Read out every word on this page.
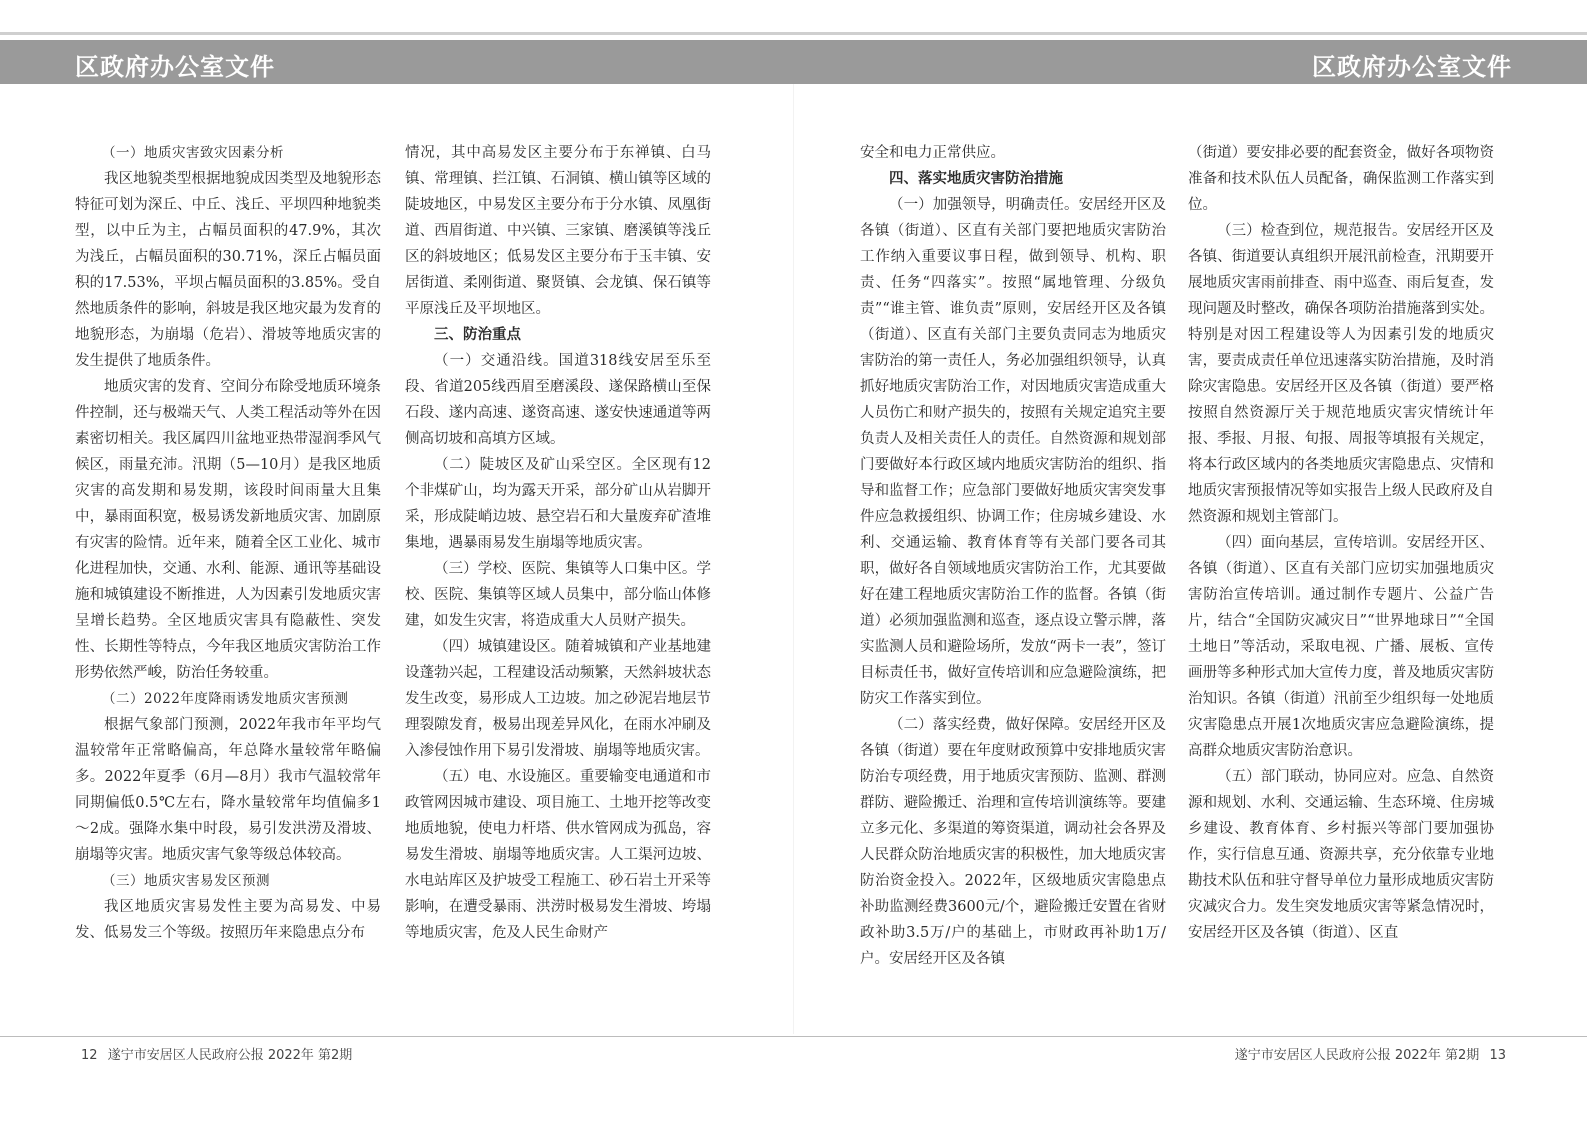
区政府办公室文件	区政府办公室文件

（一）地质灾害致灾因素分析

我区地貌类型根据地貌成因类型及地貌形态特征可划为深丘、中丘、浅丘、平坝四种地貌类型，以中丘为主，占幅员面积的47.9%，其次为浅丘，占幅员面积的30.71%，深丘占幅员面积的17.53%，平坝占幅员面积的3.85%。受自然地质条件的影响，斜坡是我区地灾最为发育的地貌形态，为崩塌（危岩）、滑坡等地质灾害的发生提供了地质条件。

地质灾害的发育、空间分布除受地质环境条件控制，还与极端天气、人类工程活动等外在因素密切相关。我区属四川盆地亚热带湿润季风气候区，雨量充沛。汛期（5—10月）是我区地质灾害的高发期和易发期，该段时间雨量大且集中，暴雨面积宽，极易诱发新地质灾害、加剧原有灾害的险情。近年来，随着全区工业化、城市化进程加快，交通、水利、能源、通讯等基础设施和城镇建设不断推进，人为因素引发地质灾害呈增长趋势。全区地质灾害具有隐蔽性、突发性、长期性等特点，今年我区地质灾害防治工作形势依然严峻，防治任务较重。

（二）2022年度降雨诱发地质灾害预测

根据气象部门预测，2022年我市年平均气温较常年正常略偏高，年总降水量较常年略偏多。2022年夏季（6月—8月）我市气温较常年同期偏低0.5℃左右，降水量较常年均值偏多1～2成。强降水集中时段，易引发洪涝及滑坡、崩塌等灾害。地质灾害气象等级总体较高。

（三）地质灾害易发区预测

我区地质灾害易发性主要为高易发、中易发、低易发三个等级。按照历年来隐患点分布

情况，其中高易发区主要分布于东禅镇、白马镇、常理镇、拦江镇、石洞镇、横山镇等区域的陡坡地区，中易发区主要分布于分水镇、凤凰街道、西眉街道、中兴镇、三家镇、磨溪镇等浅丘区的斜坡地区；低易发区主要分布于玉丰镇、安居街道、柔刚街道、聚贤镇、会龙镇、保石镇等平原浅丘及平坝地区。

三、防治重点

（一）交通沿线。国道318线安居至乐至段、省道205线西眉至磨溪段、遂保路横山至保石段、遂内高速、遂资高速、遂安快速通道等两侧高切坡和高填方区域。

（二）陡坡区及矿山采空区。全区现有12个非煤矿山，均为露天开采，部分矿山从岩脚开采，形成陡峭边坡、悬空岩石和大量废弃矿渣堆集地，遇暴雨易发生崩塌等地质灾害。

（三）学校、医院、集镇等人口集中区。学校、医院、集镇等区域人员集中，部分临山体修建，如发生灾害，将造成重大人员财产损失。

（四）城镇建设区。随着城镇和产业基地建设蓬勃兴起，工程建设活动频繁，天然斜坡状态发生改变，易形成人工边坡。加之砂泥岩地层节理裂隙发育，极易出现差异风化，在雨水冲刷及入渗侵蚀作用下易引发滑坡、崩塌等地质灾害。

（五）电、水设施区。重要输变电通道和市政管网因城市建设、项目施工、土地开挖等改变地质地貌，使电力杆塔、供水管网成为孤岛，容易发生滑坡、崩塌等地质灾害。人工渠河边坡、水电站库区及护坡受工程施工、砂石岩土开采等影响，在遭受暴雨、洪涝时极易发生滑坡、垮塌等地质灾害，危及人民生命财产

安全和电力正常供应。

四、落实地质灾害防治措施

（一）加强领导，明确责任。安居经开区及各镇（街道）、区直有关部门要把地质灾害防治工作纳入重要议事日程，做到领导、机构、职责、任务“四落实”。按照“属地管理、分级负责”“谁主管、谁负责”原则，安居经开区及各镇（街道）、区直有关部门主要负责同志为地质灾害防治的第一责任人，务必加强组织领导，认真抓好地质灾害防治工作，对因地质灾害造成重大人员伤亡和财产损失的，按照有关规定追究主要负责人及相关责任人的责任。自然资源和规划部门要做好本行政区域内地质灾害防治的组织、指导和监督工作；应急部门要做好地质灾害突发事件应急救援组织、协调工作；住房城乡建设、水利、交通运输、教育体育等有关部门要各司其职，做好各自领域地质灾害防治工作，尤其要做好在建工程地质灾害防治工作的监督。各镇（街道）必须加强监测和巡查，逐点设立警示牌，落实监测人员和避险场所，发放“两卡一表”，签订目标责任书，做好宣传培训和应急避险演练，把防灾工作落实到位。

（二）落实经费，做好保障。安居经开区及各镇（街道）要在年度财政预算中安排地质灾害防治专项经费，用于地质灾害预防、监测、群测群防、避险搬迁、治理和宣传培训演练等。要建立多元化、多渠道的筹资渠道，调动社会各界及人民群众防治地质灾害的积极性，加大地质灾害防治资金投入。2022年，区级地质灾害隐患点补助监测经费3600元/个，避险搬迁安置在省财政补助3.5万/户的基础上，市财政再补助1万/户。安居经开区及各镇

（街道）要安排必要的配套资金，做好各项物资准备和技术队伍人员配备，确保监测工作落实到位。

（三）检查到位，规范报告。安居经开区及各镇、街道要认真组织开展汛前检查，汛期要开展地质灾害雨前排查、雨中巡查、雨后复查，发现问题及时整改，确保各项防治措施落到实处。特别是对因工程建设等人为因素引发的地质灾害，要责成责任单位迅速落实防治措施，及时消除灾害隐患。安居经开区及各镇（街道）要严格按照自然资源厅关于规范地质灾害灾情统计年报、季报、月报、旬报、周报等填报有关规定，将本行政区域内的各类地质灾害隐患点、灾情和地质灾害预报情况等如实报告上级人民政府及自然资源和规划主管部门。

（四）面向基层，宣传培训。安居经开区、各镇（街道）、区直有关部门应切实加强地质灾害防治宣传培训。通过制作专题片、公益广告片，结合“全国防灾减灾日”“世界地球日”“全国土地日”等活动，采取电视、广播、展板、宣传画册等多种形式加大宣传力度，普及地质灾害防治知识。各镇（街道）汛前至少组织每一处地质灾害隐患点开展1次地质灾害应急避险演练，提高群众地质灾害防治意识。

（五）部门联动，协同应对。应急、自然资源和规划、水利、交通运输、生态环境、住房城乡建设、教育体育、乡村振兴等部门要加强协作，实行信息互通、资源共享，充分依靠专业地勘技术队伍和驻守督导单位力量形成地质灾害防灾减灾合力。发生突发地质灾害等紧急情况时，安居经开区及各镇（街道）、区直

12 遂宁市安居区人民政府公报 2022年 第2期	遂宁市安居区人民政府公报 2022年 第2期 13
